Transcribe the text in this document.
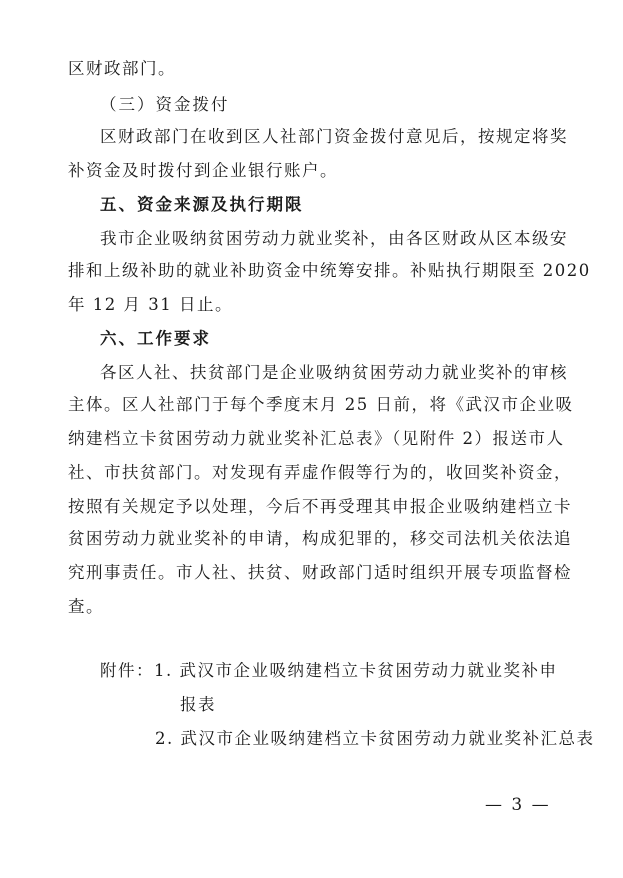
区财政部门。
（三）资金拨付
区财政部门在收到区人社部门资金拨付意见后，按规定将奖
补资金及时拨付到企业银行账户。
五、资金来源及执行期限
我市企业吸纳贫困劳动力就业奖补，由各区财政从区本级安
排和上级补助的就业补助资金中统筹安排。补贴执行期限至 2020
年 12 月 31 日止。
六、工作要求
各区人社、扶贫部门是企业吸纳贫困劳动力就业奖补的审核
主体。区人社部门于每个季度末月 25 日前，将《武汉市企业吸
纳建档立卡贫困劳动力就业奖补汇总表》（见附件 2）报送市人
社、市扶贫部门。对发现有弄虚作假等行为的，收回奖补资金，
按照有关规定予以处理，今后不再受理其申报企业吸纳建档立卡
贫困劳动力就业奖补的申请，构成犯罪的，移交司法机关依法追
究刑事责任。市人社、扶贫、财政部门适时组织开展专项监督检
查。
附件：1. 武汉市企业吸纳建档立卡贫困劳动力就业奖补申
报表
2. 武汉市企业吸纳建档立卡贫困劳动力就业奖补汇总表
— 3 —
